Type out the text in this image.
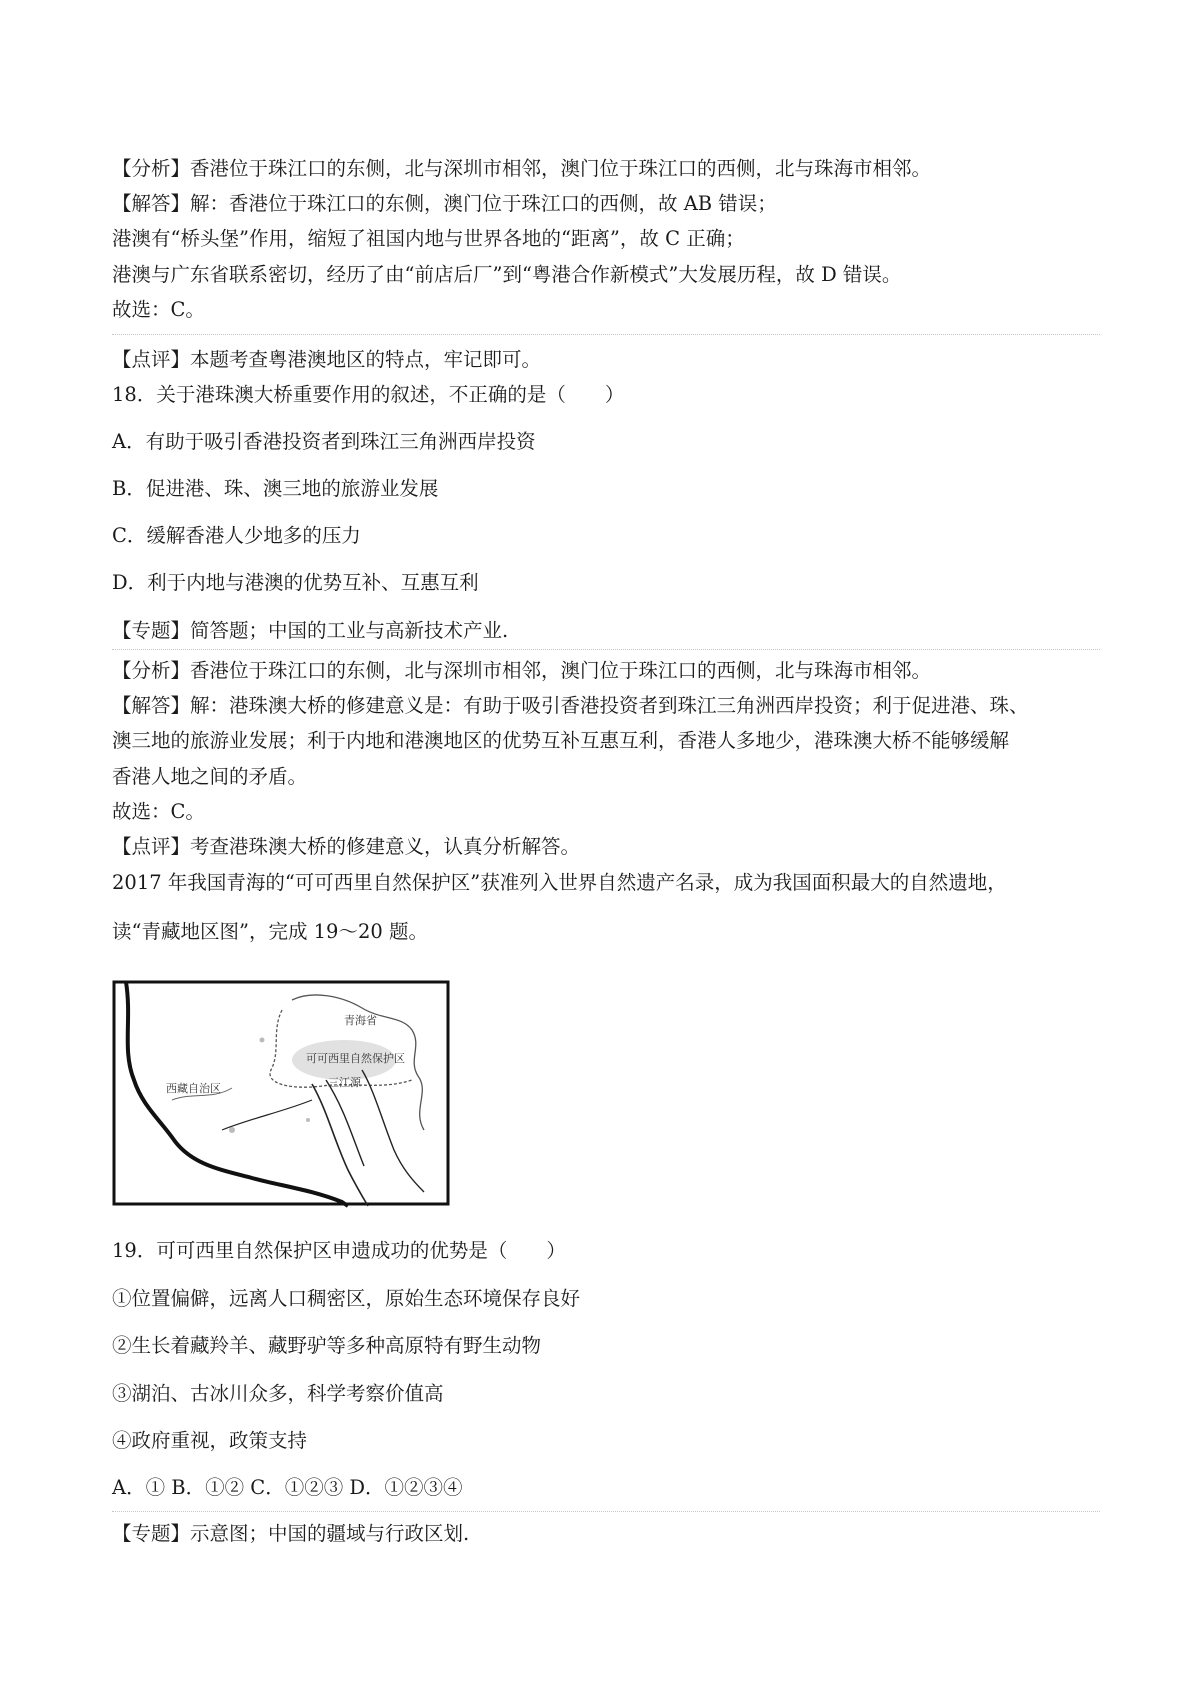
【分析】香港位于珠江口的东侧，北与深圳市相邻，澳门位于珠江口的西侧，北与珠海市相邻。
【解答】解：香港位于珠江口的东侧，澳门位于珠江口的西侧，故 AB 错误；
港澳有“桥头堡”作用，缩短了祖国内地与世界各地的“距离”，故 C 正确；
港澳与广东省联系密切，经历了由“前店后厂”到“粤港合作新模式”大发展历程，故 D 错误。
故选：C。
【点评】本题考查粤港澳地区的特点，牢记即可。
18．关于港珠澳大桥重要作用的叙述，不正确的是（　　）
A．有助于吸引香港投资者到珠江三角洲西岸投资
B．促进港、珠、澳三地的旅游业发展
C．缓解香港人少地多的压力
D．利于内地与港澳的优势互补、互惠互利
【专题】简答题；中国的工业与高新技术产业.
【分析】香港位于珠江口的东侧，北与深圳市相邻，澳门位于珠江口的西侧，北与珠海市相邻。
【解答】解：港珠澳大桥的修建意义是：有助于吸引香港投资者到珠江三角洲西岸投资；利于促进港、珠、
澳三地的旅游业发展；利于内地和港澳地区的优势互补互惠互利，香港人多地少，港珠澳大桥不能够缓解
香港人地之间的矛盾。
故选：C。
【点评】考查港珠澳大桥的修建意义，认真分析解答。
2017 年我国青海的“可可西里自然保护区”获准列入世界自然遗产名录，成为我国面积最大的自然遗地，
读“青藏地区图”，完成 19～20 题。
青海省
西藏自治区
可可西里自然保护区
三江源
19．可可西里自然保护区申遗成功的优势是（　　）
①位置偏僻，远离人口稠密区，原始生态环境保存良好
②生长着藏羚羊、藏野驴等多种高原特有野生动物
③湖泊、古冰川众多，科学考察价值高
④政府重视，政策支持
A．① B．①② C．①②③ D．①②③④
【专题】示意图；中国的疆域与行政区划.
